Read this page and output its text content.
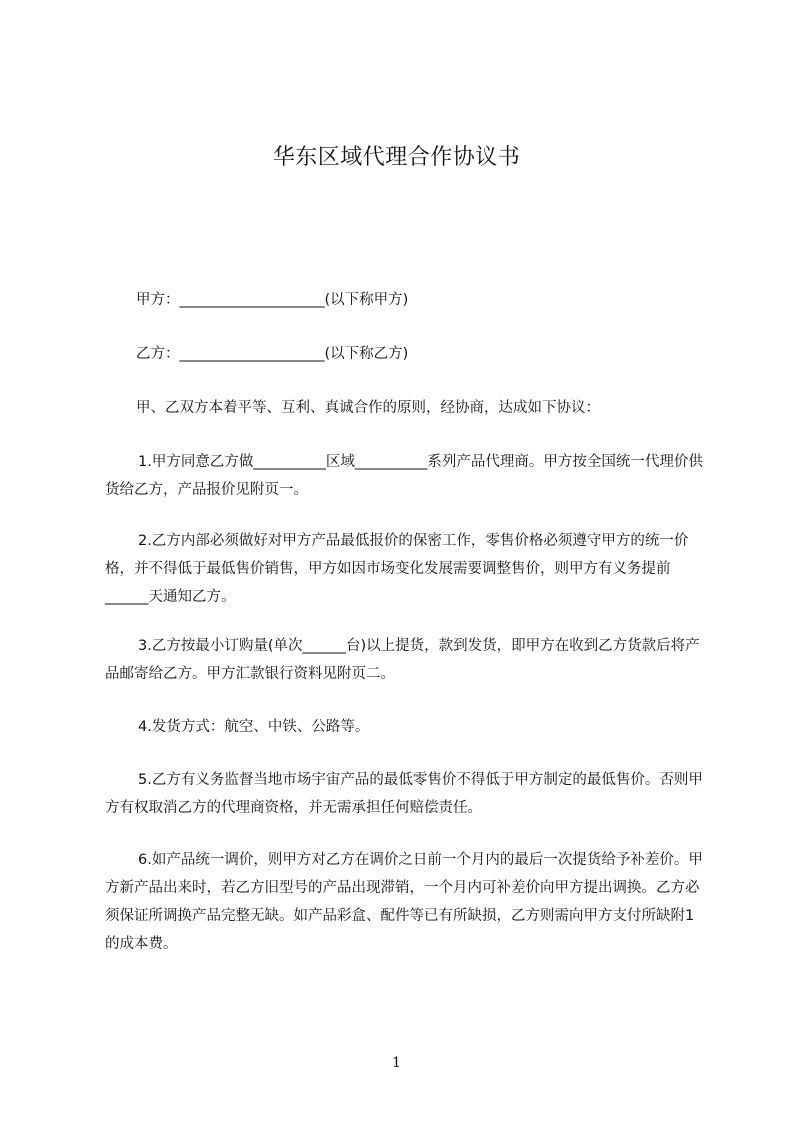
华东区域代理合作协议书

甲方：____________________(以下称甲方)

乙方：____________________(以下称乙方)

甲、乙双方本着平等、互利、真诚合作的原则，经协商，达成如下协议：

1.甲方同意乙方做__________区域__________系列产品代理商。甲方按全国统一代理价供货给乙方，产品报价见附页一。

2.乙方内部必须做好对甲方产品最低报价的保密工作，零售价格必须遵守甲方的统一价格，并不得低于最低售价销售，甲方如因市场变化发展需要调整售价，则甲方有义务提前______天通知乙方。

3.乙方按最小订购量(单次______台)以上提货，款到发货，即甲方在收到乙方货款后将产品邮寄给乙方。甲方汇款银行资料见附页二。

4.发货方式：航空、中铁、公路等。

5.乙方有义务监督当地市场宇宙产品的最低零售价不得低于甲方制定的最低售价。否则甲方有权取消乙方的代理商资格，并无需承担任何赔偿责任。

6.如产品统一调价，则甲方对乙方在调价之日前一个月内的最后一次提货给予补差价。甲方新产品出来时，若乙方旧型号的产品出现滞销，一个月内可补差价向甲方提出调换。乙方必须保证所调换产品完整无缺。如产品彩盒、配件等已有所缺损，乙方则需向甲方支付所缺附1的成本费。

1
